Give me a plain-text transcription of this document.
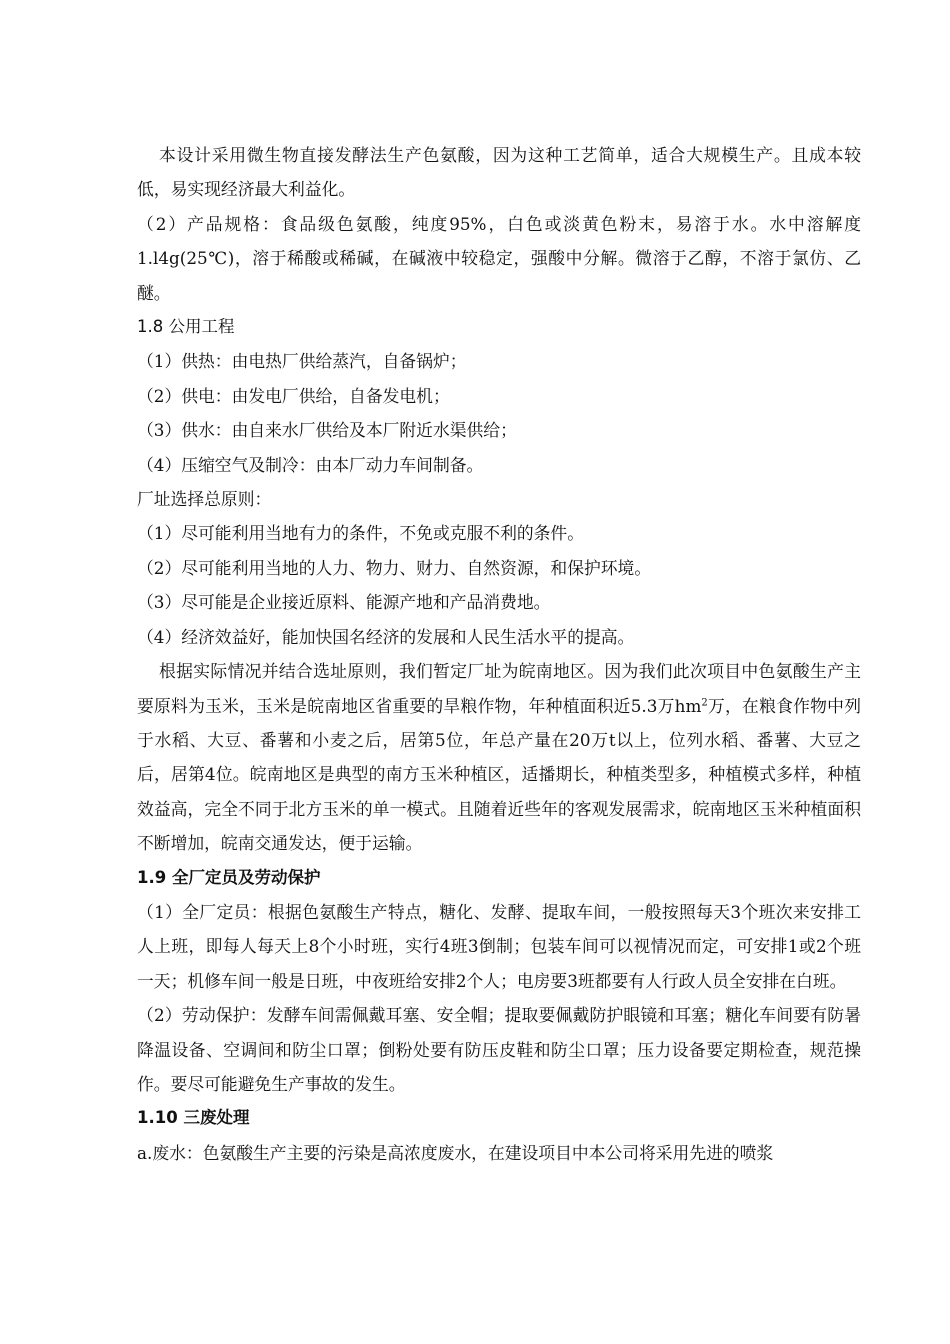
本设计采用微生物直接发酵法生产色氨酸，因为这种工艺简单，适合大规模生产。且成本较低，易实现经济最大利益化。

（2）产品规格：食品级色氨酸，纯度95%，白色或淡黄色粉末，易溶于水。水中溶解度1.l4g(25℃)，溶于稀酸或稀碱，在碱液中较稳定，强酸中分解。微溶于乙醇，不溶于氯仿、乙醚。

1.8 公用工程

（1）供热：由电热厂供给蒸汽，自备锅炉；

（2）供电：由发电厂供给，自备发电机；

（3）供水：由自来水厂供给及本厂附近水渠供给；

（4）压缩空气及制冷：由本厂动力车间制备。

厂址选择总原则：

（1）尽可能利用当地有力的条件，不免或克服不利的条件。

（2）尽可能利用当地的人力、物力、财力、自然资源，和保护环境。

（3）尽可能是企业接近原料、能源产地和产品消费地。

（4）经济效益好，能加快国名经济的发展和人民生活水平的提高。

根据实际情况并结合选址原则，我们暂定厂址为皖南地区。因为我们此次项目中色氨酸生产主要原料为玉米，玉米是皖南地区省重要的旱粮作物，年种植面积近5.3万$hm^2$万，在粮食作物中列于水稻、大豆、番薯和小麦之后，居第5位，年总产量在20万t以上，位列水稻、番薯、大豆之后，居第4位。皖南地区是典型的南方玉米种植区，适播期长，种植类型多，种植模式多样，种植效益高，完全不同于北方玉米的单一模式。且随着近些年的客观发展需求，皖南地区玉米种植面积不断增加，皖南交通发达，便于运输。

1.9 全厂定员及劳动保护

（1）全厂定员：根据色氨酸生产特点，糖化、发酵、提取车间，一般按照每天3个班次来安排工人上班，即每人每天上8个小时班，实行4班3倒制；包装车间可以视情况而定，可安排1或2个班一天；机修车间一般是日班，中夜班给安排2个人；电房要3班都要有人行政人员全安排在白班。

（2）劳动保护：发酵车间需佩戴耳塞、安全帽；提取要佩戴防护眼镜和耳塞；糖化车间要有防暑降温设备、空调间和防尘口罩；倒粉处要有防压皮鞋和防尘口罩；压力设备要定期检查，规范操作。要尽可能避免生产事故的发生。

1.10 三废处理

a.废水：色氨酸生产主要的污染是高浓度废水，在建设项目中本公司将采用先进的喷浆
